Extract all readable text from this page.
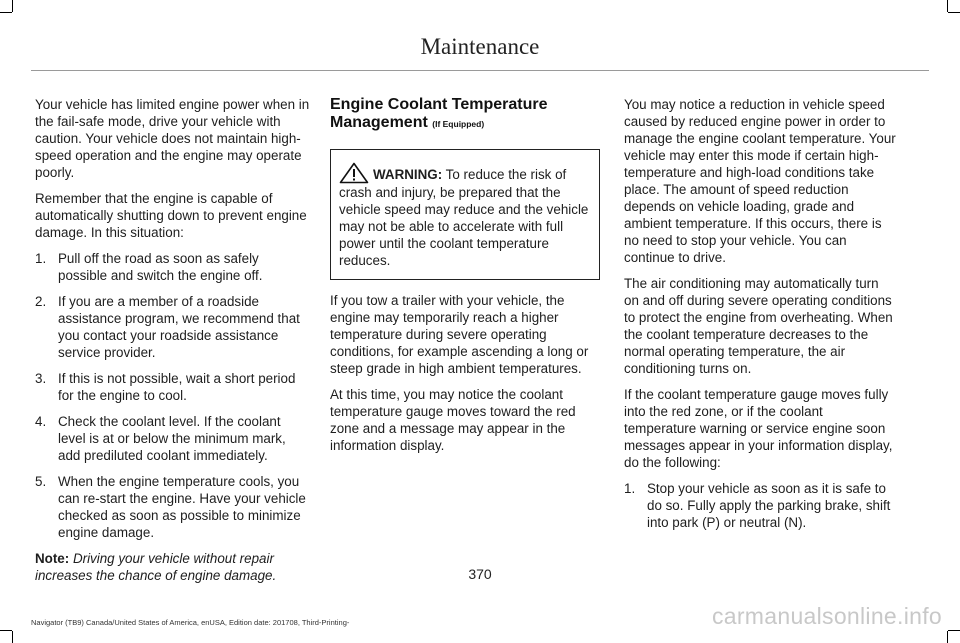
Maintenance

Your vehicle has limited engine power when in the fail-safe mode, drive your vehicle with caution. Your vehicle does not maintain high-speed operation and the engine may operate poorly.

Remember that the engine is capable of automatically shutting down to prevent engine damage. In this situation:

1. Pull off the road as soon as safely possible and switch the engine off.
2. If you are a member of a roadside assistance program, we recommend that you contact your roadside assistance service provider.
3. If this is not possible, wait a short period for the engine to cool.
4. Check the coolant level. If the coolant level is at or below the minimum mark, add prediluted coolant immediately.
5. When the engine temperature cools, you can re-start the engine. Have your vehicle checked as soon as possible to minimize engine damage.

Note: Driving your vehicle without repair increases the chance of engine damage.

Engine Coolant Temperature Management (If Equipped)
WARNING: To reduce the risk of crash and injury, be prepared that the vehicle speed may reduce and the vehicle may not be able to accelerate with full power until the coolant temperature reduces.

If you tow a trailer with your vehicle, the engine may temporarily reach a higher temperature during severe operating conditions, for example ascending a long or steep grade in high ambient temperatures.

At this time, you may notice the coolant temperature gauge moves toward the red zone and a message may appear in the information display.

You may notice a reduction in vehicle speed caused by reduced engine power in order to manage the engine coolant temperature. Your vehicle may enter this mode if certain high-temperature and high-load conditions take place. The amount of speed reduction depends on vehicle loading, grade and ambient temperature. If this occurs, there is no need to stop your vehicle. You can continue to drive.

The air conditioning may automatically turn on and off during severe operating conditions to protect the engine from overheating. When the coolant temperature decreases to the normal operating temperature, the air conditioning turns on.

If the coolant temperature gauge moves fully into the red zone, or if the coolant temperature warning or service engine soon messages appear in your information display, do the following:

1. Stop your vehicle as soon as it is safe to do so. Fully apply the parking brake, shift into park (P) or neutral (N).
370
Navigator (TB9) Canada/United States of America, enUSA, Edition date: 201708, Third-Printing-	carmanualsonline.info
